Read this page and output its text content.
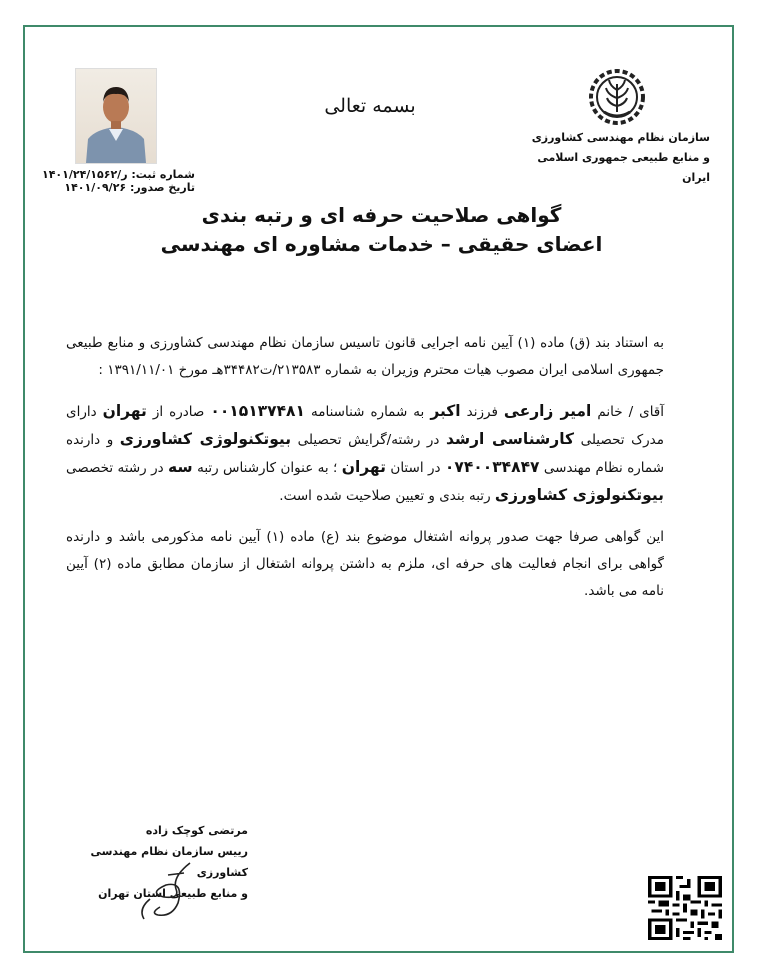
بسمه تعالی
سازمان نظام مهندسی کشاورزی
و منابع طبیعی جمهوری اسلامی ایران
شماره ثبت: ر/۱۴۰۱/۲۴/۱۵۶۲
تاریخ صدور: ۱۴۰۱/۰۹/۲۶
گواهی صلاحیت حرفه ای و رتبه بندی
اعضای حقیقی – خدمات مشاوره ای مهندسی

به استناد بند (ق) ماده (۱) آیین نامه اجرایی قانون تاسیس سازمان نظام مهندسی کشاورزی و منابع طبیعی جمهوری اسلامی ایران مصوب هیات محترم وزیران به شماره ۲۱۳۵۸۳/ت۳۴۴۸۲هـ مورخ ۱۳۹۱/۱۱/۰۱ :

آقای / خانم امیر زارعی فرزند اکبر به شماره شناسنامه ۰۰۱۵۱۳۷۴۸۱ صادره از تهران دارای مدرک تحصیلی کارشناسی ارشد در رشته/گرایش تحصیلی بیوتکنولوژی کشاورزی و دارنده شماره نظام مهندسی ۰۷۴۰۰۳۴۸۴۷ در استان تهران ؛ به عنوان کارشناس رتبه سه در رشته تخصصی بیوتکنولوژی کشاورزی رتبه بندی و تعیین صلاحیت شده است.

این گواهی صرفا جهت صدور پروانه اشتغال موضوع بند (ع) ماده (۱) آیین نامه مذکورمی باشد و دارنده گواهی برای انجام فعالیت های حرفه ای، ملزم به داشتن پروانه اشتغال از سازمان مطابق ماده (۲) آیین نامه می باشد.

مرتضی کوچک زاده
رییس سازمان نظام مهندسی کشاورزی
و منابع طبیعی استان تهران
